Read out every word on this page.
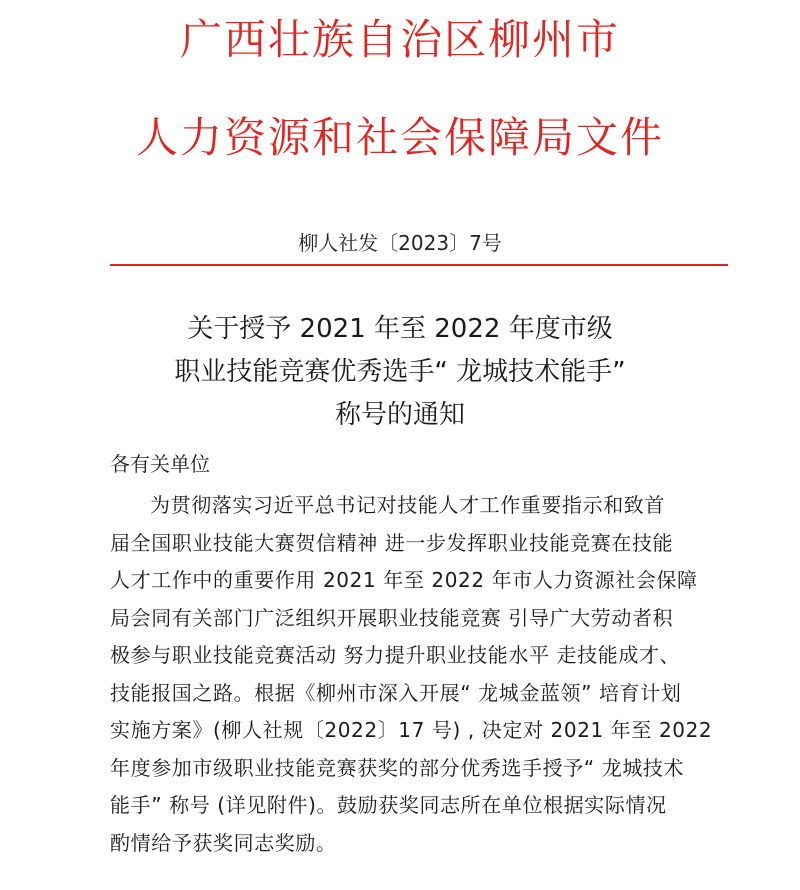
广西壮族自治区柳州市
人力资源和社会保障局文件
柳人社发〔2023〕7号
关于授予 2021 年至 2022 年度市级
职业技能竞赛优秀选手“ 龙城技术能手”
称号的通知
各有关单位
为贯彻落实习近平总书记对技能人才工作重要指示和致首
届全国职业技能大赛贺信精神 进一步发挥职业技能竞赛在技能
人才工作中的重要作用 2021 年至 2022 年市人力资源社会保障
局会同有关部门广泛组织开展职业技能竞赛 引导广大劳动者积
极参与职业技能竞赛活动 努力提升职业技能水平 走技能成才、
技能报国之路。根据《柳州市深入开展“ 龙城金蓝领” 培育计划
实施方案》(柳人社规〔2022〕17 号) , 决定对 2021 年至 2022
年度参加市级职业技能竞赛获奖的部分优秀选手授予“ 龙城技术
能手” 称号 (详见附件)。鼓励获奖同志所在单位根据实际情况
酌情给予获奖同志奖励。
